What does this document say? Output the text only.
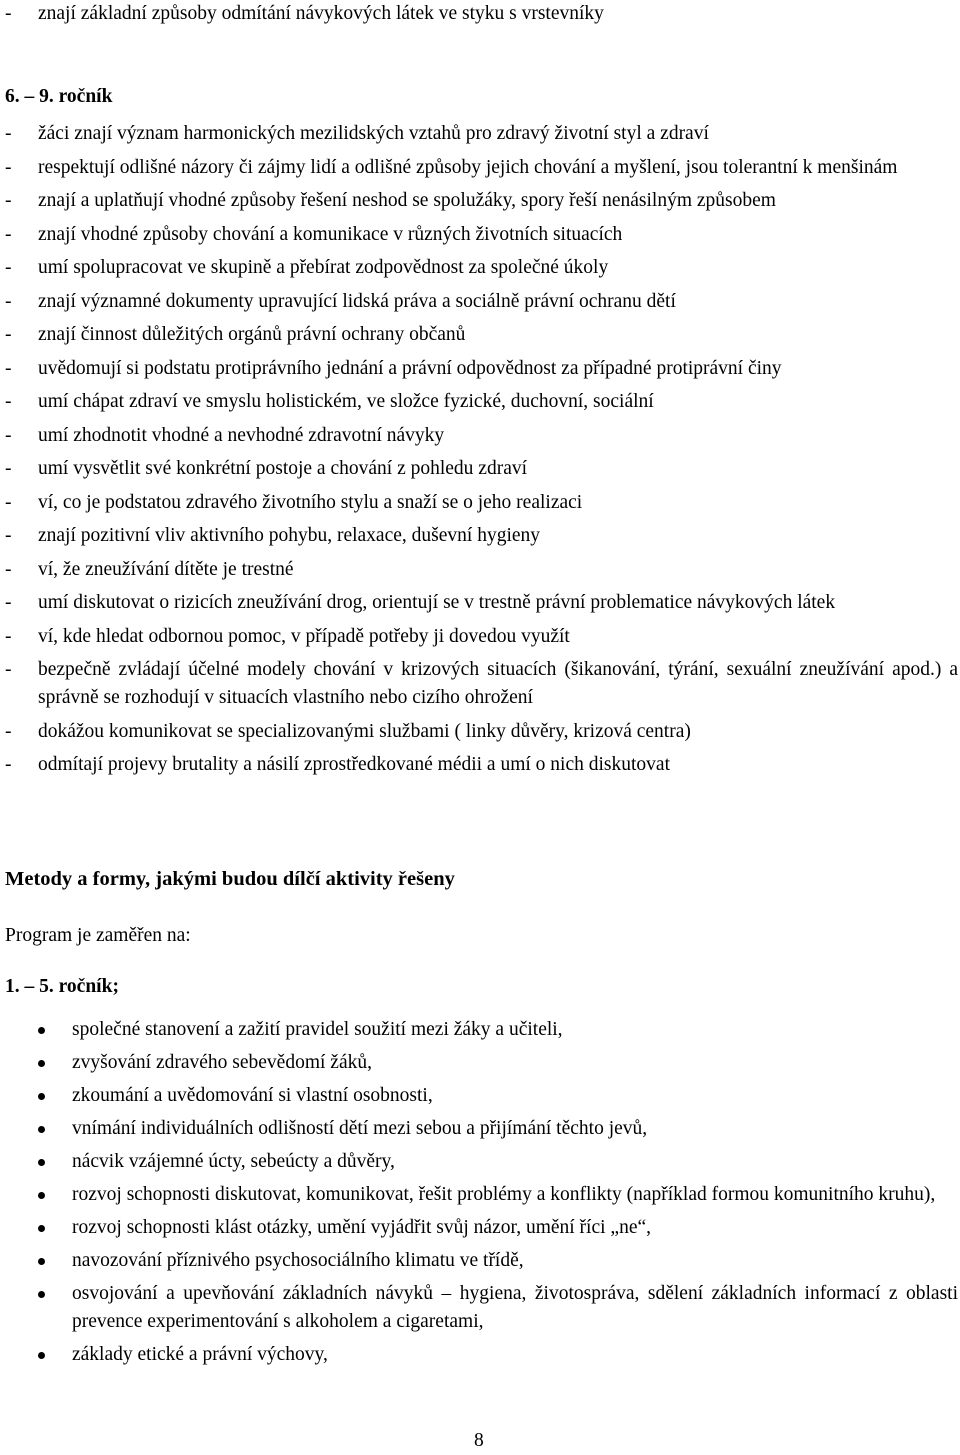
- znají základní způsoby odmítání návykových látek ve styku s vrstevníky
6. – 9. ročník
- žáci znají význam harmonických mezilidských vztahů pro zdravý životní styl a zdraví
- respektují odlišné názory či zájmy lidí a odlišné způsoby jejich chování a myšlení, jsou tolerantní k menšinám
- znají a uplatňují vhodné způsoby řešení neshod se spolužáky, spory řeší nenásilným způsobem
- znají vhodné způsoby chování a komunikace v různých životních situacích
- umí spolupracovat ve skupině a přebírat zodpovědnost za společné úkoly
- znají významné dokumenty upravující lidská práva a sociálně právní ochranu dětí
- znají činnost důležitých orgánů právní ochrany občanů
- uvědomují si podstatu protiprávního jednání a právní odpovědnost za případné protiprávní činy
- umí chápat zdraví ve smyslu holistickém, ve složce fyzické, duchovní, sociální
- umí zhodnotit vhodné a nevhodné zdravotní návyky
- umí vysvětlit své konkrétní postoje a chování z pohledu zdraví
- ví, co je podstatou zdravého životního stylu a snaží se o jeho realizaci
- znají pozitivní vliv aktivního pohybu, relaxace, duševní hygieny
- ví, že zneužívání dítěte je trestné
- umí diskutovat o rizicích zneužívání drog, orientují se v trestně právní problematice návykových látek
- ví, kde hledat odbornou pomoc, v případě potřeby ji dovedou využít
- bezpečně zvládají účelné modely chování v krizových situacích (šikanování, týrání, sexuální zneužívání apod.) a správně se rozhodují v situacích vlastního nebo cizího ohrožení
- dokážou komunikovat se specializovanými službami ( linky důvěry, krizová centra)
- odmítají projevy brutality a násilí zprostředkované médii a umí o nich diskutovat
Metody a formy, jakými budou dílčí aktivity řešeny
Program je zaměřen na:
1. – 5. ročník;
společné stanovení a zažití pravidel soužití mezi žáky a učiteli,
zvyšování zdravého sebevědomí žáků,
zkoumání a uvědomování si vlastní osobnosti,
vnímání individuálních odlišností dětí mezi sebou a přijímání těchto jevů,
nácvik vzájemné úcty, sebeúcty a důvěry,
rozvoj schopnosti diskutovat, komunikovat, řešit problémy a konflikty (například formou komunitního kruhu),
rozvoj schopnosti klást otázky, umění vyjádřit svůj názor, umění říci „ne“,
navozování příznivého psychosociálního klimatu ve třídě,
osvojování a upevňování základních návyků – hygiena, životospráva, sdělení základních informací z oblasti prevence experimentování s alkoholem a cigaretami,
základy etické a právní výchovy,
8
